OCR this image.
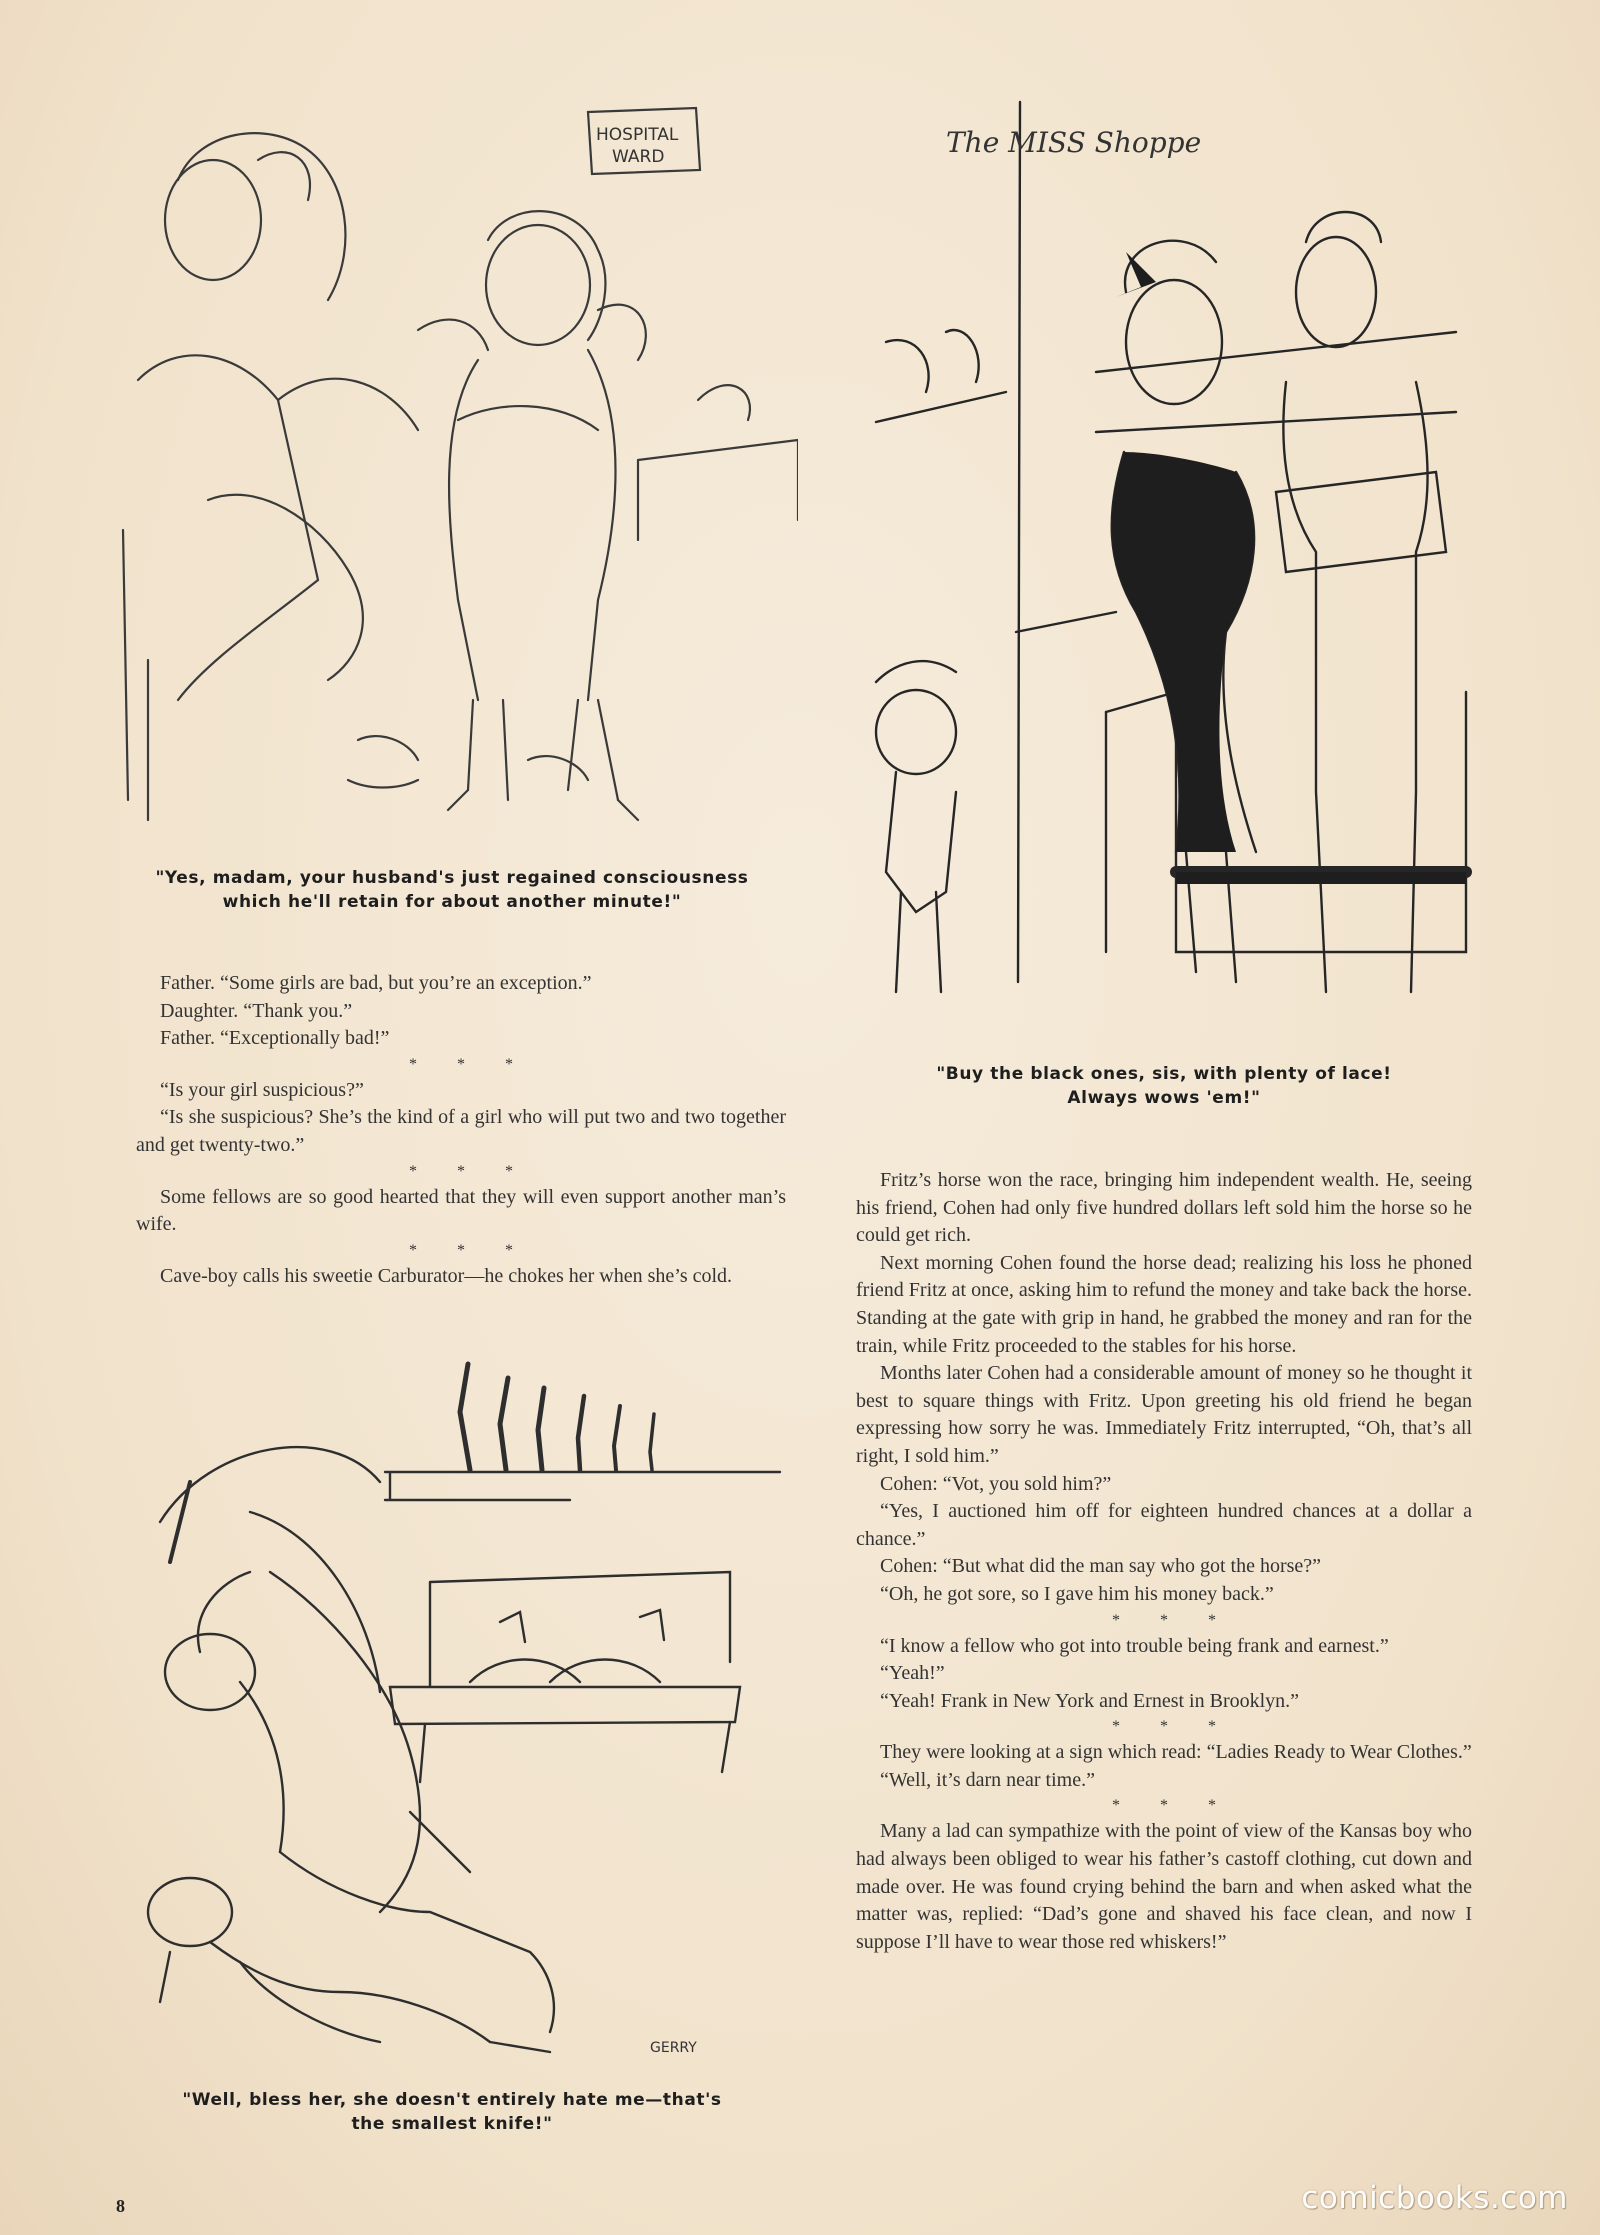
HOSPITAL
WARD
"Yes, madam, your husband's just regained consciousness
which he'll retain for about another minute!"

Father. “Some girls are bad, but you’re an exception.”

Daughter. “Thank you.”

Father. “Exceptionally bad!”

* * *

“Is your girl suspicious?”

“Is she suspicious? She’s the kind of a girl who will put two and two together and get twenty-two.”

* * *

Some fellows are so good hearted that they will even support another man’s wife.

* * *

Cave-boy calls his sweetie Carburator—he chokes her when she’s cold.

GERRY
"Well, bless her, she doesn't entirely hate me—that's
the smallest knife!"
The MISS Shoppe
"Buy the black ones, sis, with plenty of lace!
Always wows 'em!"

Fritz’s horse won the race, bringing him independent wealth. He, seeing his friend, Cohen had only five hundred dollars left sold him the horse so he could get rich.

Next morning Cohen found the horse dead; realizing his loss he phoned friend Fritz at once, asking him to refund the money and take back the horse. Standing at the gate with grip in hand, he grabbed the money and ran for the train, while Fritz proceeded to the stables for his horse.

Months later Cohen had a considerable amount of money so he thought it best to square things with Fritz. Upon greeting his old friend he began expressing how sorry he was. Immediately Fritz interrupted, “Oh, that’s all right, I sold him.”

Cohen: “Vot, you sold him?”

“Yes, I auctioned him off for eighteen hundred chances at a dollar a chance.”

Cohen: “But what did the man say who got the horse?”

“Oh, he got sore, so I gave him his money back.”

* * *

“I know a fellow who got into trouble being frank and earnest.”

“Yeah!”

“Yeah! Frank in New York and Ernest in Brooklyn.”

* * *

They were looking at a sign which read: “Ladies Ready to Wear Clothes.”

“Well, it’s darn near time.”

* * *

Many a lad can sympathize with the point of view of the Kansas boy who had always been obliged to wear his father’s castoff clothing, cut down and made over. He was found crying behind the barn and when asked what the matter was, replied: “Dad’s gone and shaved his face clean, and now I suppose I’ll have to wear those red whiskers!”

8	comicbooks.com
